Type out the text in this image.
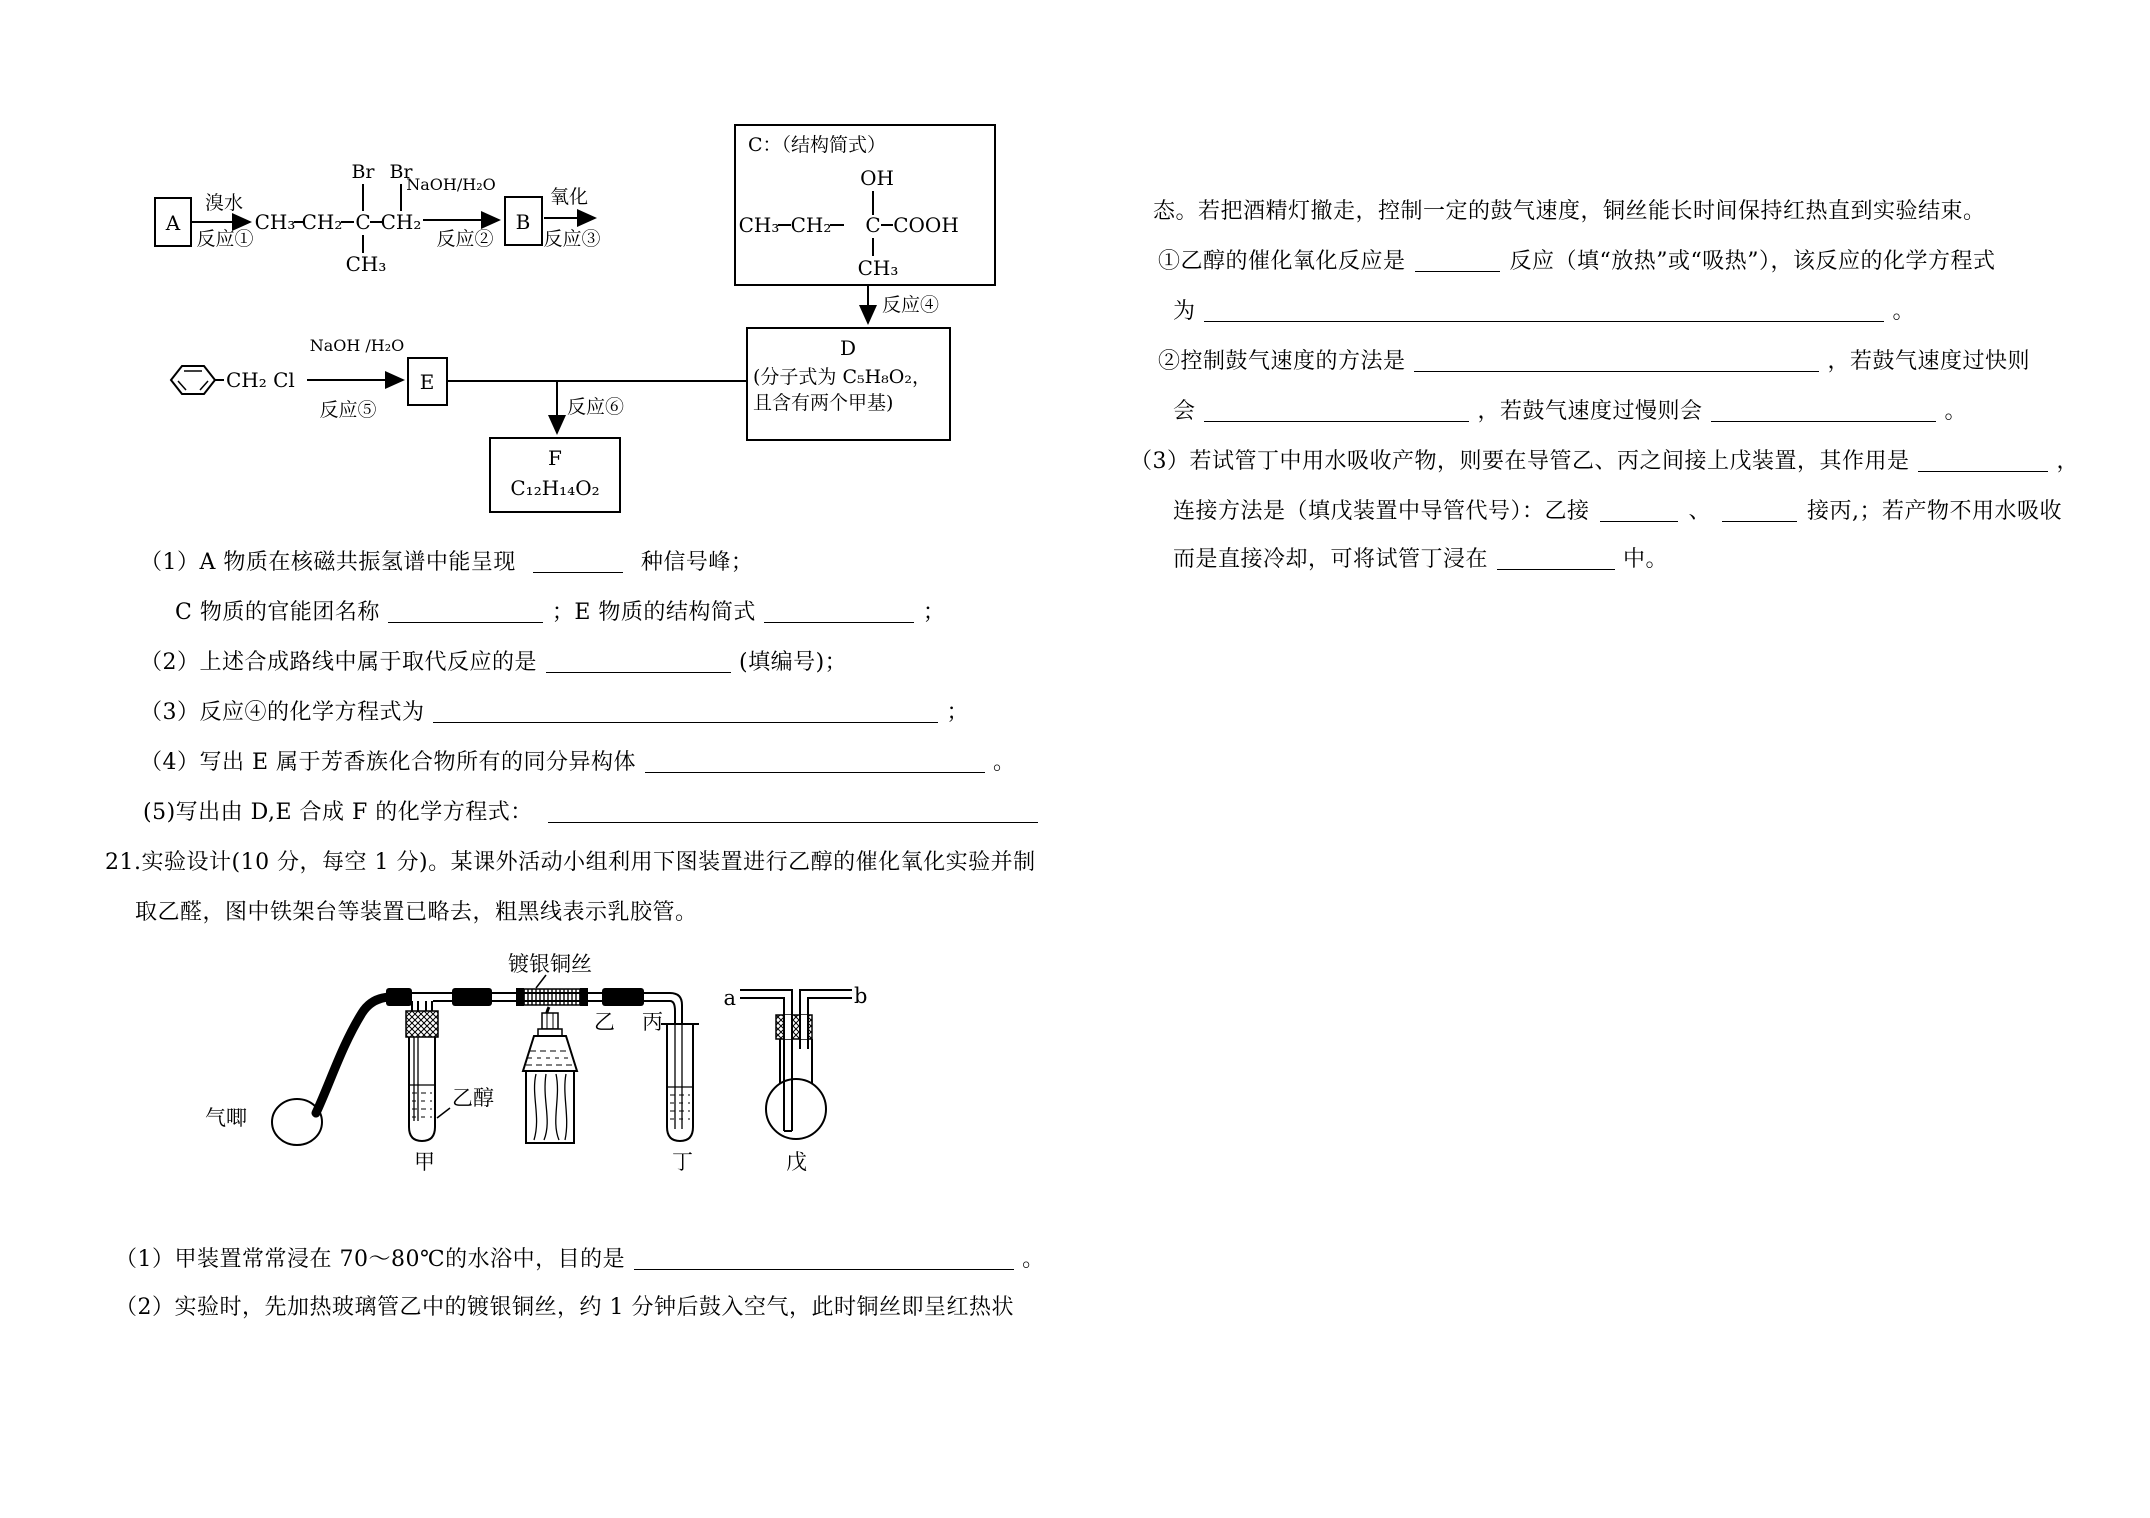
A
溴水
反应①
CH₃ CH₂ C CH₂
Br Br
CH₃
NaOH/H₂O
反应②
B
氧化
反应③
C：（结构简式）
OH
CH₃ CH₂ C COOH
CH₃
反应④
CH₂ Cl
NaOH /H₂O
反应⑤
E
反应⑥
F
C₁₂H₁₄O₂
D
(分子式为 C₅H₈O₂，
且含有两个甲基)
（1）A 物质在核磁共振氢谱中能呈现	种信号峰；
C 物质的官能团名称	；E 物质的结构简式	；
（2）上述合成路线中属于取代反应的是	(填编号)；
（3）反应④的化学方程式为	；
（4）写出 E 属于芳香族化合物所有的同分异构体	。
(5)写出由 D,E 合成 F 的化学方程式：
21.实验设计(10 分，每空 1 分)。某课外活动小组利用下图装置进行乙醇的催化氧化实验并制
取乙醛，图中铁架台等装置已略去，粗黑线表示乳胶管。
气唧
镀银铜丝
乙醇
甲
乙 丙
丁
a	b
戊
（1）甲装置常常浸在 70～80℃的水浴中，目的是	。
（2）实验时，先加热玻璃管乙中的镀银铜丝，约 1 分钟后鼓入空气，此时铜丝即呈红热状
态。若把酒精灯撤走，控制一定的鼓气速度，铜丝能长时间保持红热直到实验结束。
①乙醇的催化氧化反应是	反应（填“放热”或“吸热”），该反应的化学方程式
为	。
②控制鼓气速度的方法是	，若鼓气速度过快则
会	，若鼓气速度过慢则会	。
（3）若试管丁中用水吸收产物，则要在导管乙、丙之间接上戊装置，其作用是	，
连接方法是（填戊装置中导管代号）：乙接	、	接丙,；若产物不用水吸收
而是直接冷却，可将试管丁浸在	中。
